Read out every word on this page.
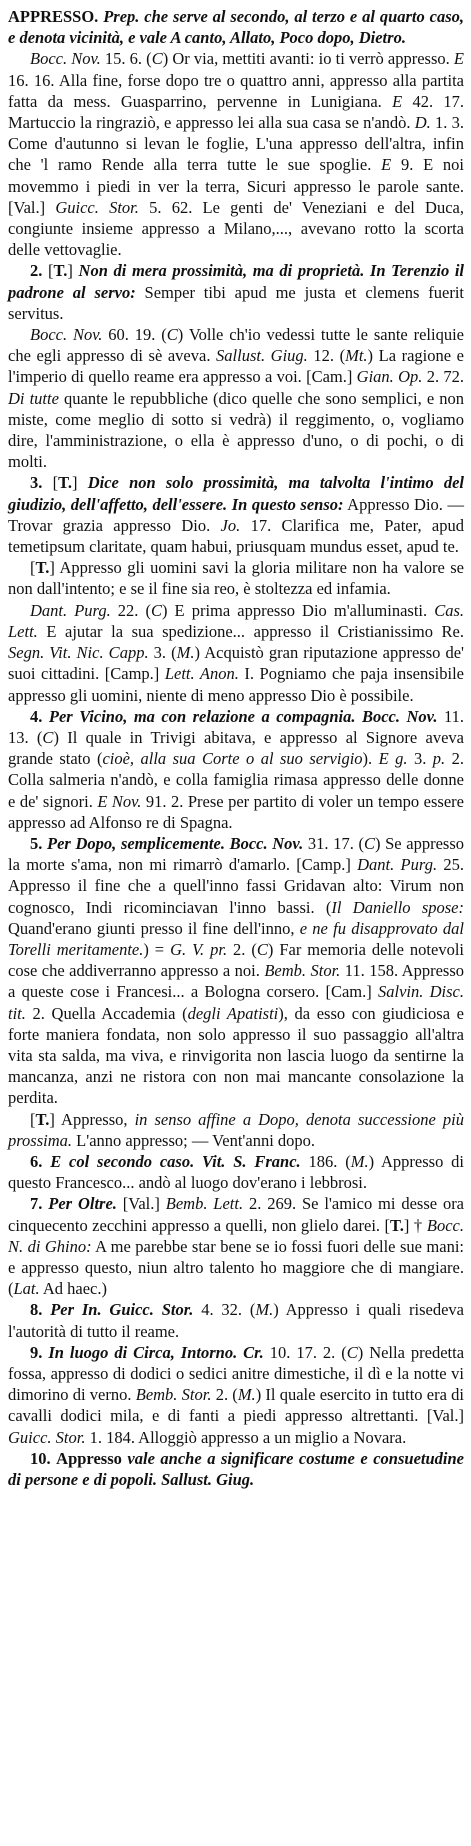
APPRESSO. Prep. che serve al secondo, al terzo e al quarto caso, e denota vicinità, e vale A canto, Allato, Poco dopo, Dietro.

Bocc. Nov. 15. 6. (C) Or via, mettiti avanti: io ti verrò appresso. E 16. 16. Alla fine, forse dopo tre o quattro anni, appresso alla partita fatta da mess. Guasparrino, pervenne in Lunigiana. E 42. 17. Martuccio la ringraziò, e appresso lei alla sua casa se n'andò. D. 1. 3. Come d'autunno si levan le foglie, L'una appresso dell'altra, infin che 'l ramo Rende alla terra tutte le sue spoglie. E 9. E noi movemmo i piedi in ver la terra, Sicuri appresso le parole sante. [Val.] Guicc. Stor. 5. 62. Le genti de' Veneziani e del Duca, congiunte insieme appresso a Milano,..., avevano rotto la scorta delle vettovaglie.

2. [T.] Non di mera prossimità, ma di proprietà. In Terenzio il padrone al servo: Semper tibi apud me justa et clemens fuerit servitus.

Bocc. Nov. 60. 19. (C) Volle ch'io vedessi tutte le sante reliquie che egli appresso di sè aveva. Sallust. Giug. 12. (Mt.) La ragione e l'imperio di quello reame era appresso a voi. [Cam.] Gian. Op. 2. 72. Di tutte quante le repubbliche (dico quelle che sono semplici, e non miste, come meglio di sotto si vedrà) il reggimento, o, vogliamo dire, l'amministrazione, o ella è appresso d'uno, o di pochi, o di molti.

3. [T.] Dice non solo prossimità, ma talvolta l'intimo del giudizio, dell'affetto, dell'essere. In questo senso: Appresso Dio. — Trovar grazia appresso Dio. Jo. 17. Clarifica me, Pater, apud temetipsum claritate, quam habui, priusquam mundus esset, apud te.

[T.] Appresso gli uomini savi la gloria militare non ha valore se non dall'intento; e se il fine sia reo, è stoltezza ed infamia.

Dant. Purg. 22. (C) E prima appresso Dio m'alluminasti. Cas. Lett. E ajutar la sua spedizione... appresso il Cristianissimo Re. Segn. Vit. Nic. Capp. 3. (M.) Acquistò gran riputazione appresso de' suoi cittadini. [Camp.] Lett. Anon. I. Pogniamo che paja insensibile appresso gli uomini, niente di meno appresso Dio è possibile.

4. Per Vicino, ma con relazione a compagnia. Bocc. Nov. 11. 13. (C) Il quale in Trivigi abitava, e appresso al Signore aveva grande stato (cioè, alla sua Corte o al suo servigio). E g. 3. p. 2. Colla salmeria n'andò, e colla famiglia rimasa appresso delle donne e de' signori. E Nov. 91. 2. Prese per partito di voler un tempo essere appresso ad Alfonso re di Spagna.

5. Per Dopo, semplicemente. Bocc. Nov. 31. 17. (C) Se appresso la morte s'ama, non mi rimarrò d'amarlo. [Camp.] Dant. Purg. 25. Appresso il fine che a quell'inno fassi Gridavan alto: Virum non cognosco, Indi ricominciavan l'inno bassi. (Il Daniello spose: Quand'erano giunti presso il fine dell'inno, e ne fu disapprovato dal Torelli meritamente.) = G. V. pr. 2. (C) Far memoria delle notevoli cose che addiverranno appresso a noi. Bemb. Stor. 11. 158. Appresso a queste cose i Francesi... a Bologna corsero. [Cam.] Salvin. Disc. tit. 2. Quella Accademia (degli Apatisti), da esso con giudiciosa e forte maniera fondata, non solo appresso il suo passaggio all'altra vita sta salda, ma viva, e rinvigorita non lascia luogo da sentirne la mancanza, anzi ne ristora con non mai mancante consolazione la perdita.

[T.] Appresso, in senso affine a Dopo, denota successione più prossima. L'anno appresso; — Vent'anni dopo.

6. E col secondo caso. Vit. S. Franc. 186. (M.) Appresso di questo Francesco... andò al luogo dov'erano i lebbrosi.

7. Per Oltre. [Val.] Bemb. Lett. 2. 269. Se l'amico mi desse ora cinquecento zecchini appresso a quelli, non glielo darei. [T.] † Bocc. N. di Ghino: A me parebbe star bene se io fossi fuori delle sue mani: e appresso questo, niun altro talento ho maggiore che di mangiare. (Lat. Ad haec.)

8. Per In. Guicc. Stor. 4. 32. (M.) Appresso i quali risedeva l'autorità di tutto il reame.

9. In luogo di Circa, Intorno. Cr. 10. 17. 2. (C) Nella predetta fossa, appresso di dodici o sedici anitre dimestiche, il dì e la notte vi dimorino di verno. Bemb. Stor. 2. (M.) Il quale esercito in tutto era di cavalli dodici mila, e di fanti a piedi appresso altrettanti. [Val.] Guicc. Stor. 1. 184. Alloggiò appresso a un miglio a Novara.

10. Appresso vale anche a significare costume e consuetudine di persone e di popoli. Sallust. Giug.
